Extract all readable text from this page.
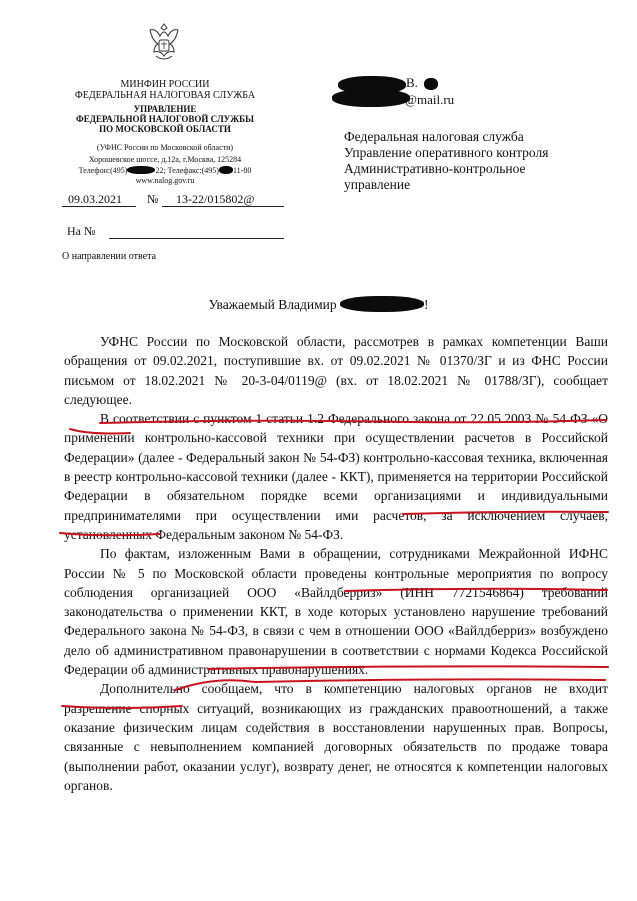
МИНФИН РОССИИ
ФЕДЕРАЛЬНАЯ НАЛОГОВАЯ СЛУЖБА
УПРАВЛЕНИЕ
ФЕДЕРАЛЬНОЙ НАЛОГОВОЙ СЛУЖБЫ
ПО МОСКОВСКОЙ ОБЛАСТИ
(УФНС России по Московской области)
Хорошевское шоссе, д.12а, г.Москва, 125284
Телефон:(495)	22; Телефакс:(495) 11-80
www.nalog.gov.ru
09.03.2021 № 13-22/015802@
На №
О направлении ответа
В.
@mail.ru
Федеральная налоговая служба
Управление оперативного контроля
Административно-контрольное
управление
Уважаемый Владимир	!

УФНС России по Московской области, рассмотрев в рамках компетенции Ваши обращения от 09.02.2021, поступившие вх. от 09.02.2021 № 01370/ЗГ и из ФНС России письмом от 18.02.2021 № 20-3-04/0119@ (вх. от 18.02.2021 № 01788/ЗГ), сообщает следующее.

В соответствии с пунктом 1 статьи 1.2 Федерального закона от 22.05.2003 № 54 ФЗ «О применении контрольно-кассовой техники при осуществлении расчетов в Российской Федерации» (далее - Федеральный закон № 54-ФЗ) контрольно-кассовая техника, включенная в реестр контрольно-кассовой техники (далее - ККТ), применяется на территории Российской Федерации в обязательном порядке всеми организациями и индивидуальными предпринимателями при осуществлении ими расчетов, за исключением случаев, установленных Федеральным законом № 54-ФЗ.

По фактам, изложенным Вами в обращении, сотрудниками Межрайонной ИФНС России № 5 по Московской области проведены контрольные мероприятия по вопросу соблюдения организацией ООО «Вайлдберриз» (ИНН 7721546864) требований законодательства о применении ККТ, в ходе которых установлено нарушение требований Федерального закона № 54-ФЗ, в связи с чем в отношении ООО «Вайлдберриз» возбуждено дело об административном правонарушении в соответствии с нормами Кодекса Российской Федерации об административных правонарушениях.

Дополнительно сообщаем, что в компетенцию налоговых органов не входит разрешение спорных ситуаций, возникающих из гражданских правоотношений, а также оказание физическим лицам содействия в восстановлении нарушенных прав. Вопросы, связанные с невыполнением компанией договорных обязательств по продаже товара (выполнении работ, оказании услуг), возврату денег, не относятся к компетенции налоговых органов.
